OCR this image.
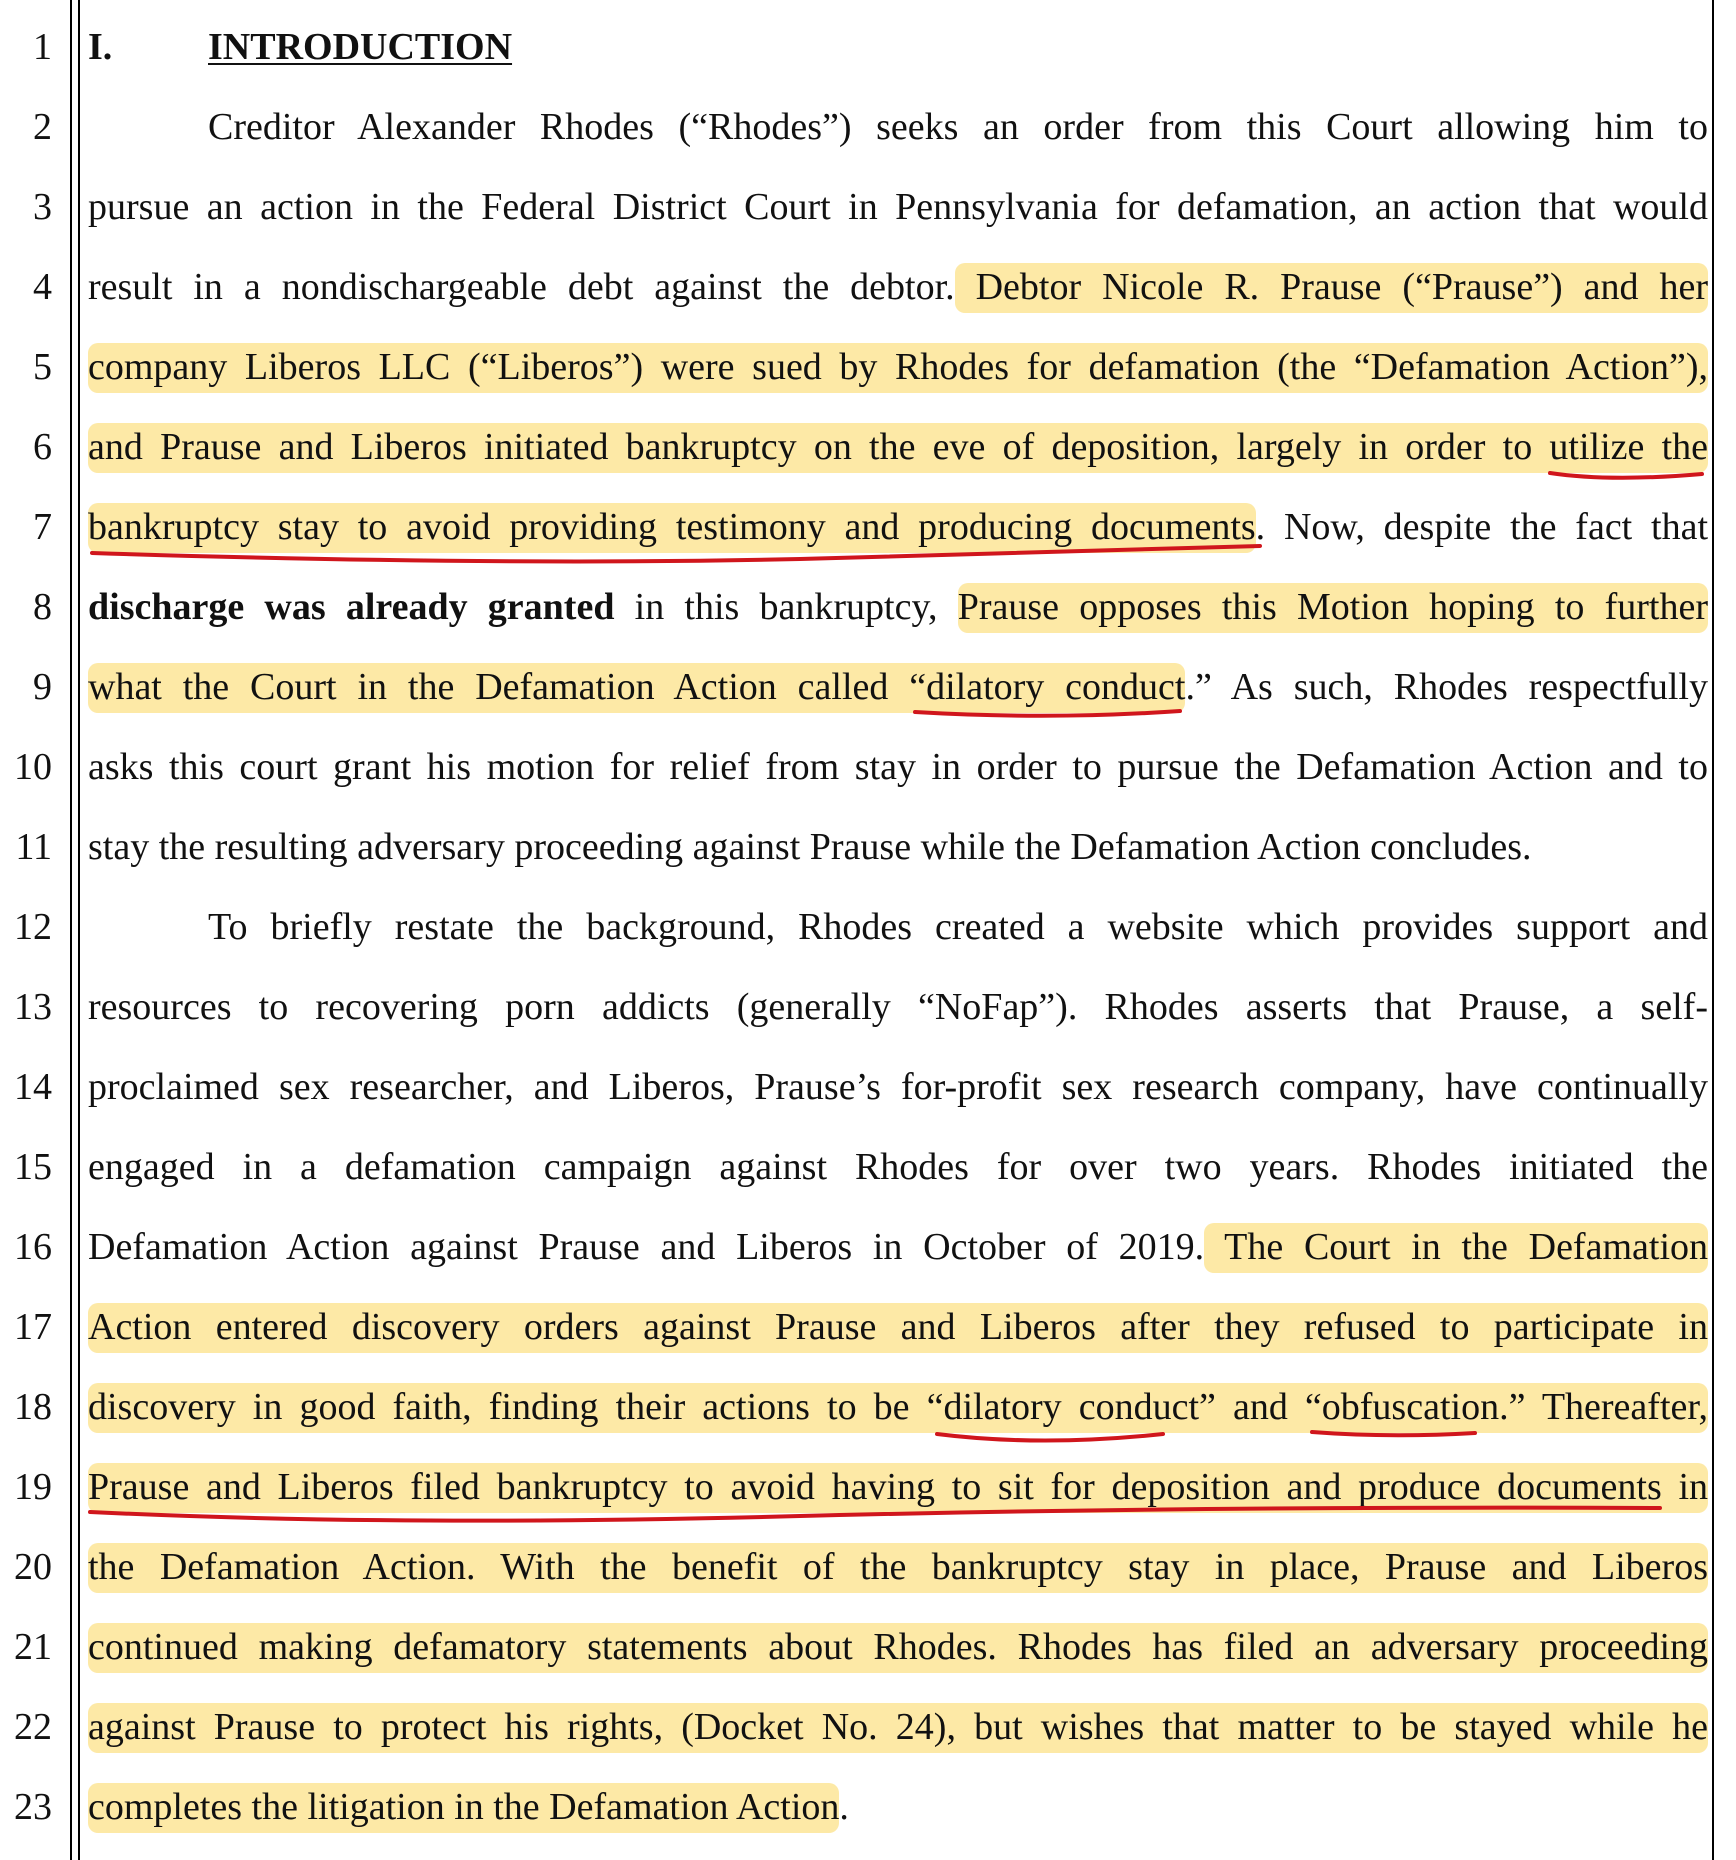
1
2
3
4
5
6
7
8
9
10
11
12
13
14
15
16
17
18
19
20
21
22
23
I.	INTRODUCTION
Creditor Alexander Rhodes (“Rhodes”) seeks an order from this Court allowing him to
pursue an action in the Federal District Court in Pennsylvania for defamation, an action that would
result in a nondischargeable debt against the debtor. Debtor Nicole R. Prause (“Prause”) and her
company Liberos LLC (“Liberos”) were sued by Rhodes for defamation (the “Defamation Action”),
and Prause and Liberos initiated bankruptcy on the eve of deposition, largely in order to utilize the
bankruptcy stay to avoid providing testimony and producing documents. Now, despite the fact that
discharge was already granted in this bankruptcy, Prause opposes this Motion hoping to further
what the Court in the Defamation Action called “dilatory conduct.” As such, Rhodes respectfully
asks this court grant his motion for relief from stay in order to pursue the Defamation Action and to
stay the resulting adversary proceeding against Prause while the Defamation Action concludes.
To briefly restate the background, Rhodes created a website which provides support and
resources to recovering porn addicts (generally “NoFap”). Rhodes asserts that Prause, a self-
proclaimed sex researcher, and Liberos, Prause’s for-profit sex research company, have continually
engaged in a defamation campaign against Rhodes for over two years. Rhodes initiated the
Defamation Action against Prause and Liberos in October of 2019. The Court in the Defamation
Action entered discovery orders against Prause and Liberos after they refused to participate in
discovery in good faith, finding their actions to be “dilatory conduct” and “obfuscation.” Thereafter,
Prause and Liberos filed bankruptcy to avoid having to sit for deposition and produce documents in
the Defamation Action. With the benefit of the bankruptcy stay in place, Prause and Liberos
continued making defamatory statements about Rhodes. Rhodes has filed an adversary proceeding
against Prause to protect his rights, (Docket No. 24), but wishes that matter to be stayed while he
completes the litigation in the Defamation Action.
